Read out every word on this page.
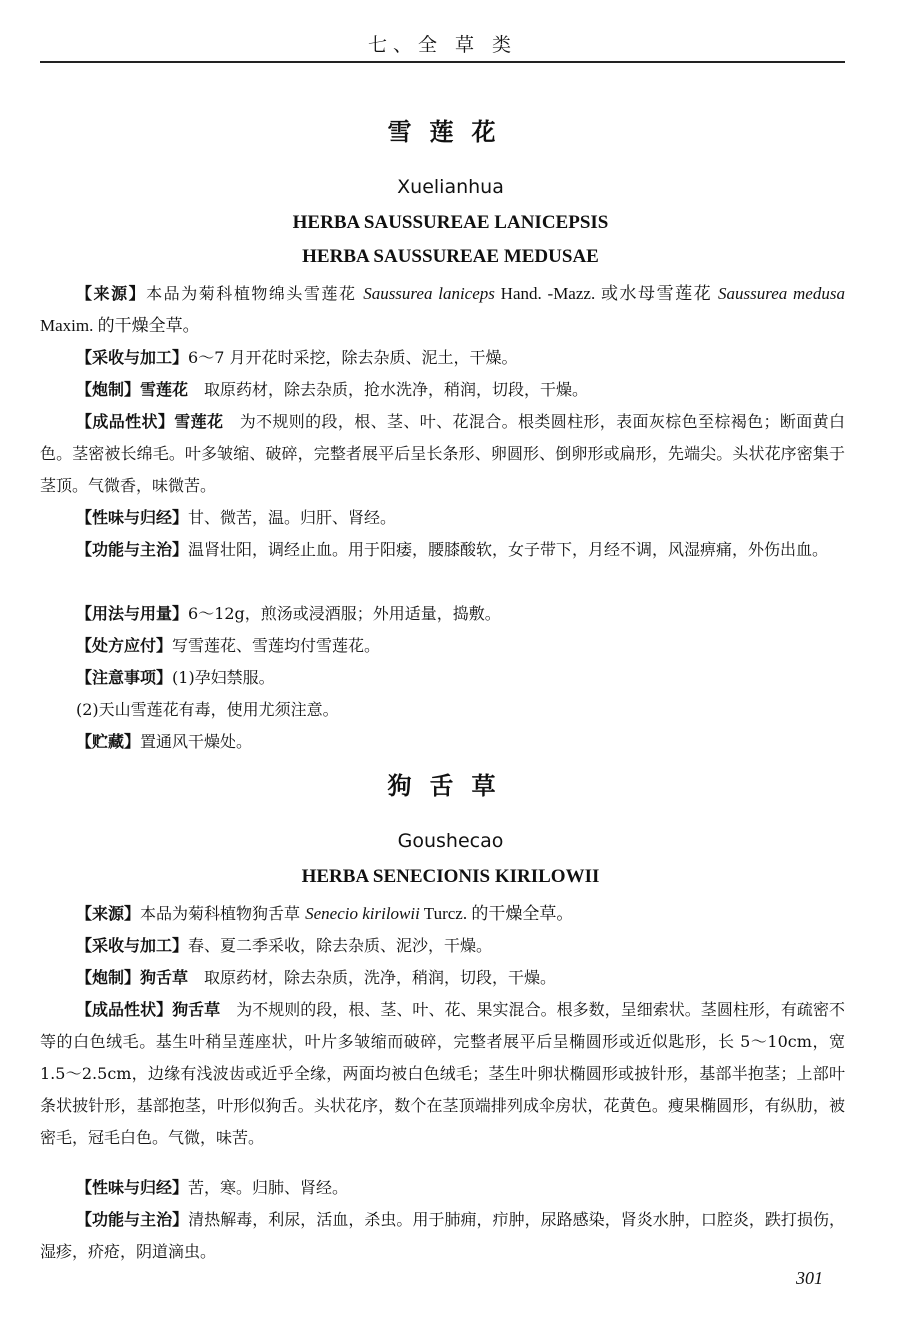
七、全 草 类
雪莲花
Xuelianhua
HERBA SAUSSUREAE LANICEPSIS
HERBA SAUSSUREAE MEDUSAE

【来源】本品为菊科植物绵头雪莲花 Saussurea laniceps Hand. -Mazz. 或水母雪莲花 Saussurea medusa Maxim. 的干燥全草。

【采收与加工】6～7 月开花时采挖，除去杂质、泥土，干燥。

【炮制】雪莲花　取原药材，除去杂质，抢水洗净，稍润，切段，干燥。

【成品性状】雪莲花　为不规则的段，根、茎、叶、花混合。根类圆柱形，表面灰棕色至棕褐色；断面黄白色。茎密被长绵毛。叶多皱缩、破碎，完整者展平后呈长条形、卵圆形、倒卵形或扁形，先端尖。头状花序密集于茎顶。气微香，味微苦。

【性味与归经】甘、微苦，温。归肝、肾经。

【功能与主治】温肾壮阳，调经止血。用于阳痿，腰膝酸软，女子带下，月经不调，风湿痹痛，外伤出血。

【用法与用量】6～12g，煎汤或浸酒服；外用适量，捣敷。

【处方应付】写雪莲花、雪莲均付雪莲花。

【注意事项】(1)孕妇禁服。

(2)天山雪莲花有毒，使用尤须注意。

【贮藏】置通风干燥处。

狗舌草
Goushecao
HERBA SENECIONIS KIRILOWII

【来源】本品为菊科植物狗舌草 Senecio kirilowii Turcz. 的干燥全草。

【采收与加工】春、夏二季采收，除去杂质、泥沙，干燥。

【炮制】狗舌草　取原药材，除去杂质，洗净，稍润，切段，干燥。

【成品性状】狗舌草　为不规则的段，根、茎、叶、花、果实混合。根多数，呈细索状。茎圆柱形，有疏密不等的白色绒毛。基生叶稍呈莲座状，叶片多皱缩而破碎，完整者展平后呈椭圆形或近似匙形，长 5～10cm，宽 1.5～2.5cm，边缘有浅波齿或近乎全缘，两面均被白色绒毛；茎生叶卵状椭圆形或披针形，基部半抱茎；上部叶条状披针形，基部抱茎，叶形似狗舌。头状花序，数个在茎顶端排列成伞房状，花黄色。瘦果椭圆形，有纵肋，被密毛，冠毛白色。气微，味苦。

【性味与归经】苦，寒。归肺、肾经。

【功能与主治】清热解毒，利尿，活血，杀虫。用于肺痈，疖肿，尿路感染，肾炎水肿，口腔炎，跌打损伤，湿疹，疥疮，阴道滴虫。

301
